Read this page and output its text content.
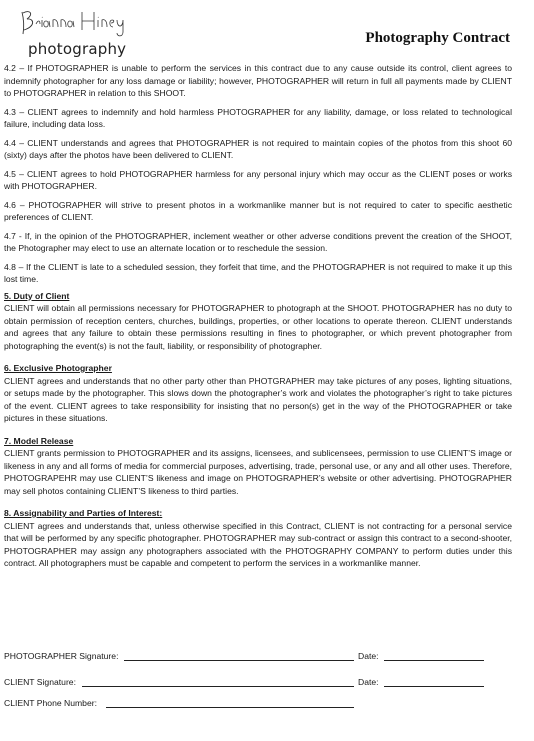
photography
Photography Contract

4.2 – If PHOTOGRAPHER is unable to perform the services in this contract due to any cause outside its control, client agrees to indemnify photographer for any loss damage or liability; however, PHOTOGRAPHER will return in full all payments made by CLIENT to PHOTOGRAPHER in relation to this SHOOT.

4.3 – CLIENT agrees to indemnify and hold harmless PHOTOGRAPHER for any liability, damage, or loss related to technological failure, including data loss.

4.4 – CLIENT understands and agrees that PHOTOGRAPHER is not required to maintain copies of the photos from this shoot 60 (sixty) days after the photos have been delivered to CLIENT.

4.5 – CLIENT agrees to hold PHOTOGRAPHER harmless for any personal injury which may occur as the CLIENT poses or works with PHOTOGRAPHER.

4.6 – PHOTOGRAPHER will strive to present photos in a workmanlike manner but is not required to cater to specific aesthetic preferences of CLIENT.

4.7 - If, in the opinion of the PHOTOGRAPHER, inclement weather or other adverse conditions prevent the creation of the SHOOT, the Photographer may elect to use an alternate location or to reschedule the session.

4.8 – If the CLIENT is late to a scheduled session, they forfeit that time, and the PHOTOGRAPHER is not required to make it up this lost time.

5. Duty of Client

CLIENT will obtain all permissions necessary for PHOTOGRAPHER to photograph at the SHOOT. PHOTOGRAPHER has no duty to obtain permission of reception centers, churches, buildings, properties, or other locations to operate thereon. CLIENT understands and agrees that any failure to obtain these permissions resulting in fines to photographer, or which prevent photographer from photographing the event(s) is not the fault, liability, or responsibility of photographer.

6. Exclusive Photographer

CLIENT agrees and understands that no other party other than PHOTGRAPHER may take pictures of any poses, lighting situations, or setups made by the photographer. This slows down the photographer’s work and violates the photographer’s right to take pictures of the event. CLIENT agrees to take responsibility for insisting that no person(s) get in the way of the PHOTOGRAPHER or take pictures in these situations.

7. Model Release

CLIENT grants permission to PHOTOGRAPHER and its assigns, licensees, and sublicensees, permission to use CLIENT’S image or likeness in any and all forms of media for commercial purposes, advertising, trade, personal use, or any and all other uses. Therefore, PHOTOGRAPEHR may use CLIENT’S likeness and image on PHOTOGRAPHER’s website or other advertising. PHOTOGRAPHER may sell photos containing CLIENT’S likeness to third parties.

8. Assignability and Parties of Interest:

CLIENT agrees and understands that, unless otherwise specified in this Contract, CLIENT is not contracting for a personal service that will be performed by any specific photographer. PHOTOGRAPHER may sub-contract or assign this contract to a second-shooter, PHOTOGRAPHER may assign any photographers associated with the PHOTOGRAPHY COMPANY to perform duties under this contract. All photographers must be capable and competent to perform the services in a workmanlike manner.

PHOTOGRAPHER Signature:	Date:
CLIENT Signature:	Date:
CLIENT Phone Number:
